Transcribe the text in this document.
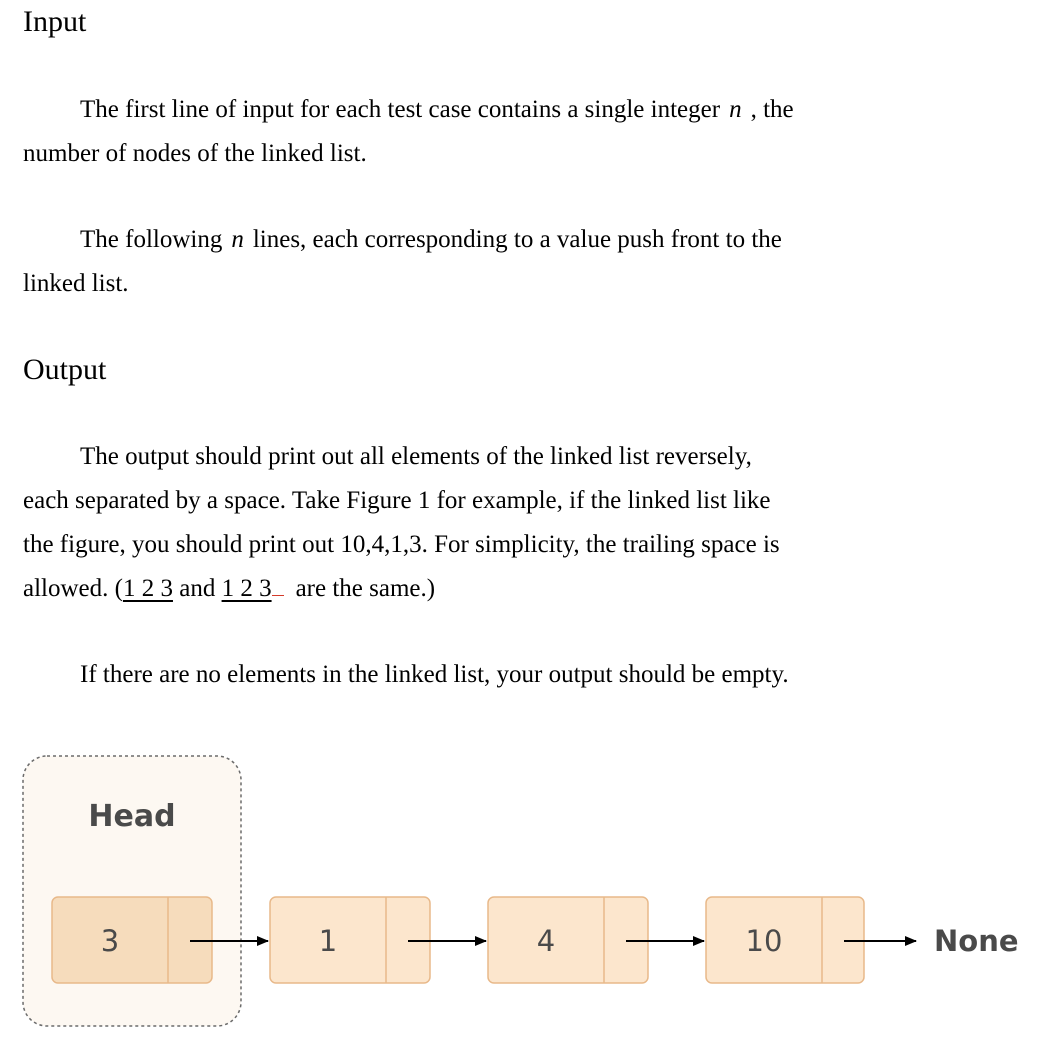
Input

The first line of input for each test case contains a single integer n , the
number of nodes of the linked list.

The following n lines, each corresponding to a value push front to the
linked list.

Output

The output should print out all elements of the linked list reversely,
each separated by a space. Take Figure 1 for example, if the linked list like
the figure, you should print out 10,4,1,3. For simplicity, the trailing space is
allowed. (1 2 3 and 1 2 3 are the same.)

If there are no elements in the linked list, your output should be empty.

Head
3	1	4	10	None
